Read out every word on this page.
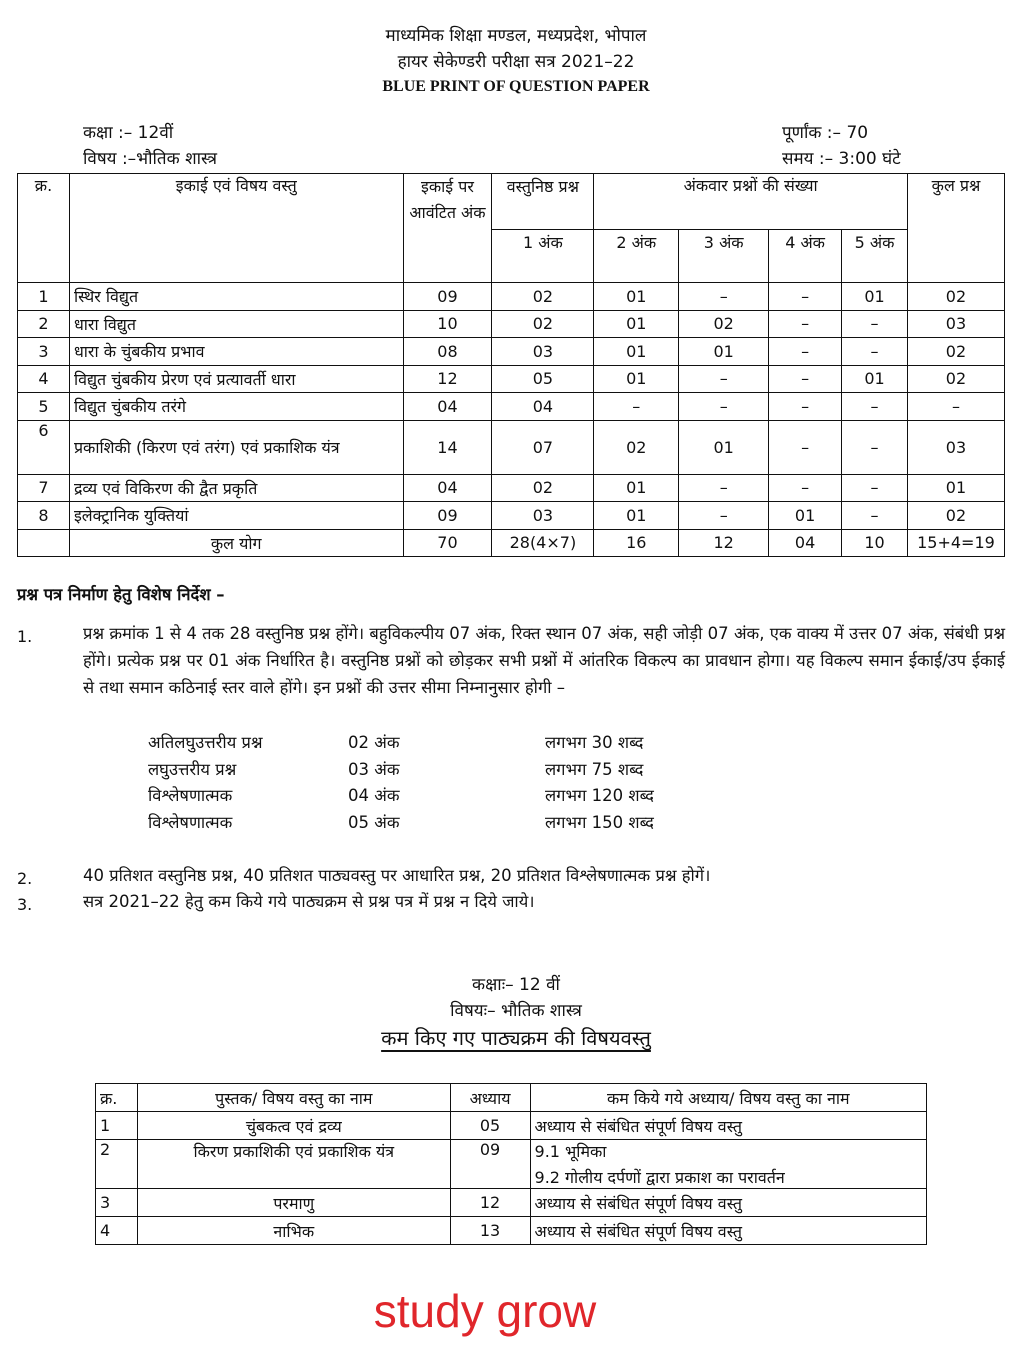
माध्यमिक शिक्षा मण्डल, मध्यप्रदेश, भोपाल
हायर सेकेण्डरी परीक्षा सत्र 2021–22
BLUE PRINT OF QUESTION PAPER
कक्षा :– 12वीं
विषय :–भौतिक शास्त्र
पूर्णांक :– 70
समय :– 3:00 घंटे
क्र.	इकाई एवं विषय वस्तु	इकाई पर आवंटित अंक	वस्तुनिष्ठ प्रश्न	अंकवार प्रश्नों की संख्या				कुल प्रश्न
			1 अंक	2 अंक	3 अंक	4 अंक	5 अंक	
1	स्थिर विद्युत	09	02	01	–	–	01	02
2	धारा विद्युत	10	02	01	02	–	–	03
3	धारा के चुंबकीय प्रभाव	08	03	01	01	–	–	02
4	विद्युत चुंबकीय प्रेरण एवं प्रत्यावर्ती धारा	12	05	01	–	–	01	02
5	विद्युत चुंबकीय तरंगे	04	04	–	–	–	–	–
6	प्रकाशिकी (किरण एवं तरंग) एवं प्रकाशिक यंत्र	14	07	02	01	–	–	03
7	द्रव्य एवं विकिरण की द्वैत प्रकृति	04	02	01	–	–	–	01
8	इलेक्ट्रानिक युक्तियां	09	03	01	–	01	–	02
	कुल योग	70	28(4×7)	16	12	04	10	15+4=19
प्रश्न पत्र निर्माण हेतु विशेष निर्देश –
1.	प्रश्न क्रमांक 1 से 4 तक 28 वस्तुनिष्ठ प्रश्न होंगे। बहुविकल्पीय 07 अंक, रिक्त स्थान 07 अंक, सही जोड़ी 07 अंक, एक वाक्य में उत्तर 07 अंक, संबंधी प्रश्न होंगे। प्रत्येक प्रश्न पर 01 अंक निर्धारित है। वस्तुनिष्ठ प्रश्नों को छोड़कर सभी प्रश्नों में आंतरिक विकल्प का प्रावधान होगा। यह विकल्प समान ईकाई/उप ईकाई से तथा समान कठिनाई स्तर वाले होंगे। इन प्रश्नों की उत्तर सीमा निम्नानुसार होगी –
अतिलघुउत्तरीय प्रश्न	02 अंक	लगभग 30 शब्द
लघुउत्तरीय प्रश्न	03 अंक	लगभग 75 शब्द
विश्लेषणात्मक	04 अंक	लगभग 120 शब्द
विश्लेषणात्मक	05 अंक	लगभग 150 शब्द
2.	40 प्रतिशत वस्तुनिष्ठ प्रश्न, 40 प्रतिशत पाठ्यवस्तु पर आधारित प्रश्न, 20 प्रतिशत विश्लेषणात्मक प्रश्न होगें।
3.	सत्र 2021–22 हेतु कम किये गये पाठ्यक्रम से प्रश्न पत्र में प्रश्न न दिये जाये।
कक्षाः– 12 वीं
विषयः– भौतिक शास्त्र
कम किए गए पाठ्यक्रम की विषयवस्तु
क्र.	पुस्तक/ विषय वस्तु का नाम	अध्याय	कम किये गये अध्याय/ विषय वस्तु का नाम
1	चुंबकत्व एवं द्रव्य	05	अध्याय से संबंधित संपूर्ण विषय वस्तु

2	किरण प्रकाशिकी एवं प्रकाशिक यंत्र	09	9.1 भूमिका
9.2 गोलीय दर्पणों द्वारा प्रकाश का परावर्तन

3	परमाणु	12	अध्याय से संबंधित संपूर्ण विषय वस्तु

4	नाभिक	13	अध्याय से संबंधित संपूर्ण विषय वस्तु
study grow
